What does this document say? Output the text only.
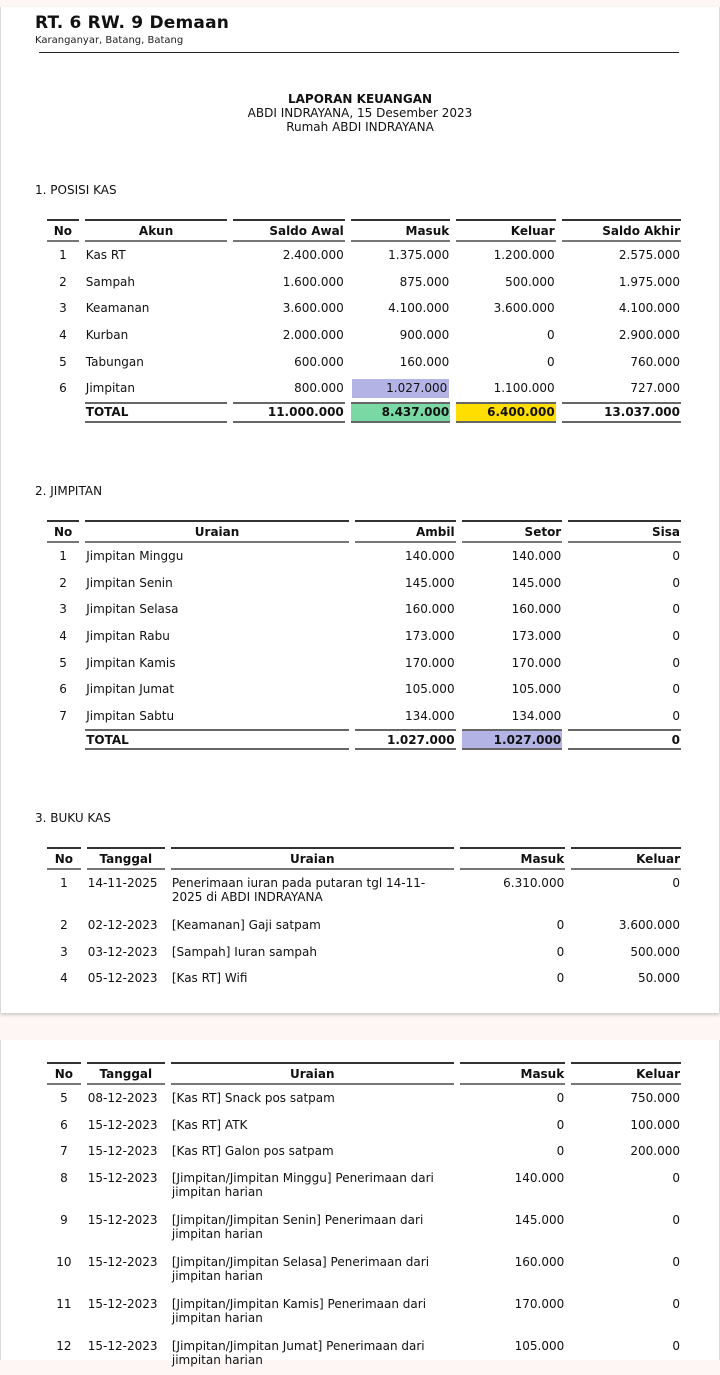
RT. 6 RW. 9 Demaan
Karanganyar, Batang, Batang
LAPORAN KEUANGAN
ABDI INDRAYANA, 15 Desember 2023
Rumah ABDI INDRAYANA
1. POSISI KAS
No	Akun	Saldo Awal	Masuk	Keluar	Saldo Akhir
1	Kas RT	2.400.000	1.375.000	1.200.000	2.575.000
2	Sampah	1.600.000	875.000	500.000	1.975.000
3	Keamanan	3.600.000	4.100.000	3.600.000	4.100.000
4	Kurban	2.000.000	900.000	0	2.900.000
5	Tabungan	600.000	160.000	0	760.000
6	Jimpitan	800.000	1.027.000	1.100.000	727.000
	TOTAL	11.000.000	8.437.000	6.400.000	13.037.000
2. JIMPITAN
No	Uraian	Ambil	Setor	Sisa
1	Jimpitan Minggu	140.000	140.000	0
2	Jimpitan Senin	145.000	145.000	0
3	Jimpitan Selasa	160.000	160.000	0
4	Jimpitan Rabu	173.000	173.000	0
5	Jimpitan Kamis	170.000	170.000	0
6	Jimpitan Jumat	105.000	105.000	0
7	Jimpitan Sabtu	134.000	134.000	0
	TOTAL	1.027.000	1.027.000	0
3. BUKU KAS
No	Tanggal	Uraian	Masuk	Keluar
1	14-11-2025	Penerimaan iuran pada putaran tgl 14-11-2025 di ABDI INDRAYANA	6.310.000	0
2	02-12-2023	[Keamanan] Gaji satpam	0	3.600.000
3	03-12-2023	[Sampah] Iuran sampah	0	500.000
4	05-12-2023	[Kas RT] Wifi	0	50.000
No	Tanggal	Uraian	Masuk	Keluar
5	08-12-2023	[Kas RT] Snack pos satpam	0	750.000
6	15-12-2023	[Kas RT] ATK	0	100.000
7	15-12-2023	[Kas RT] Galon pos satpam	0	200.000
8	15-12-2023	[Jimpitan/Jimpitan Minggu] Penerimaan dari jimpitan harian	140.000	0
9	15-12-2023	[Jimpitan/Jimpitan Senin] Penerimaan dari jimpitan harian	145.000	0
10	15-12-2023	[Jimpitan/Jimpitan Selasa] Penerimaan dari jimpitan harian	160.000	0
11	15-12-2023	[Jimpitan/Jimpitan Kamis] Penerimaan dari jimpitan harian	170.000	0
12	15-12-2023	[Jimpitan/Jimpitan Jumat] Penerimaan dari jimpitan harian	105.000	0
